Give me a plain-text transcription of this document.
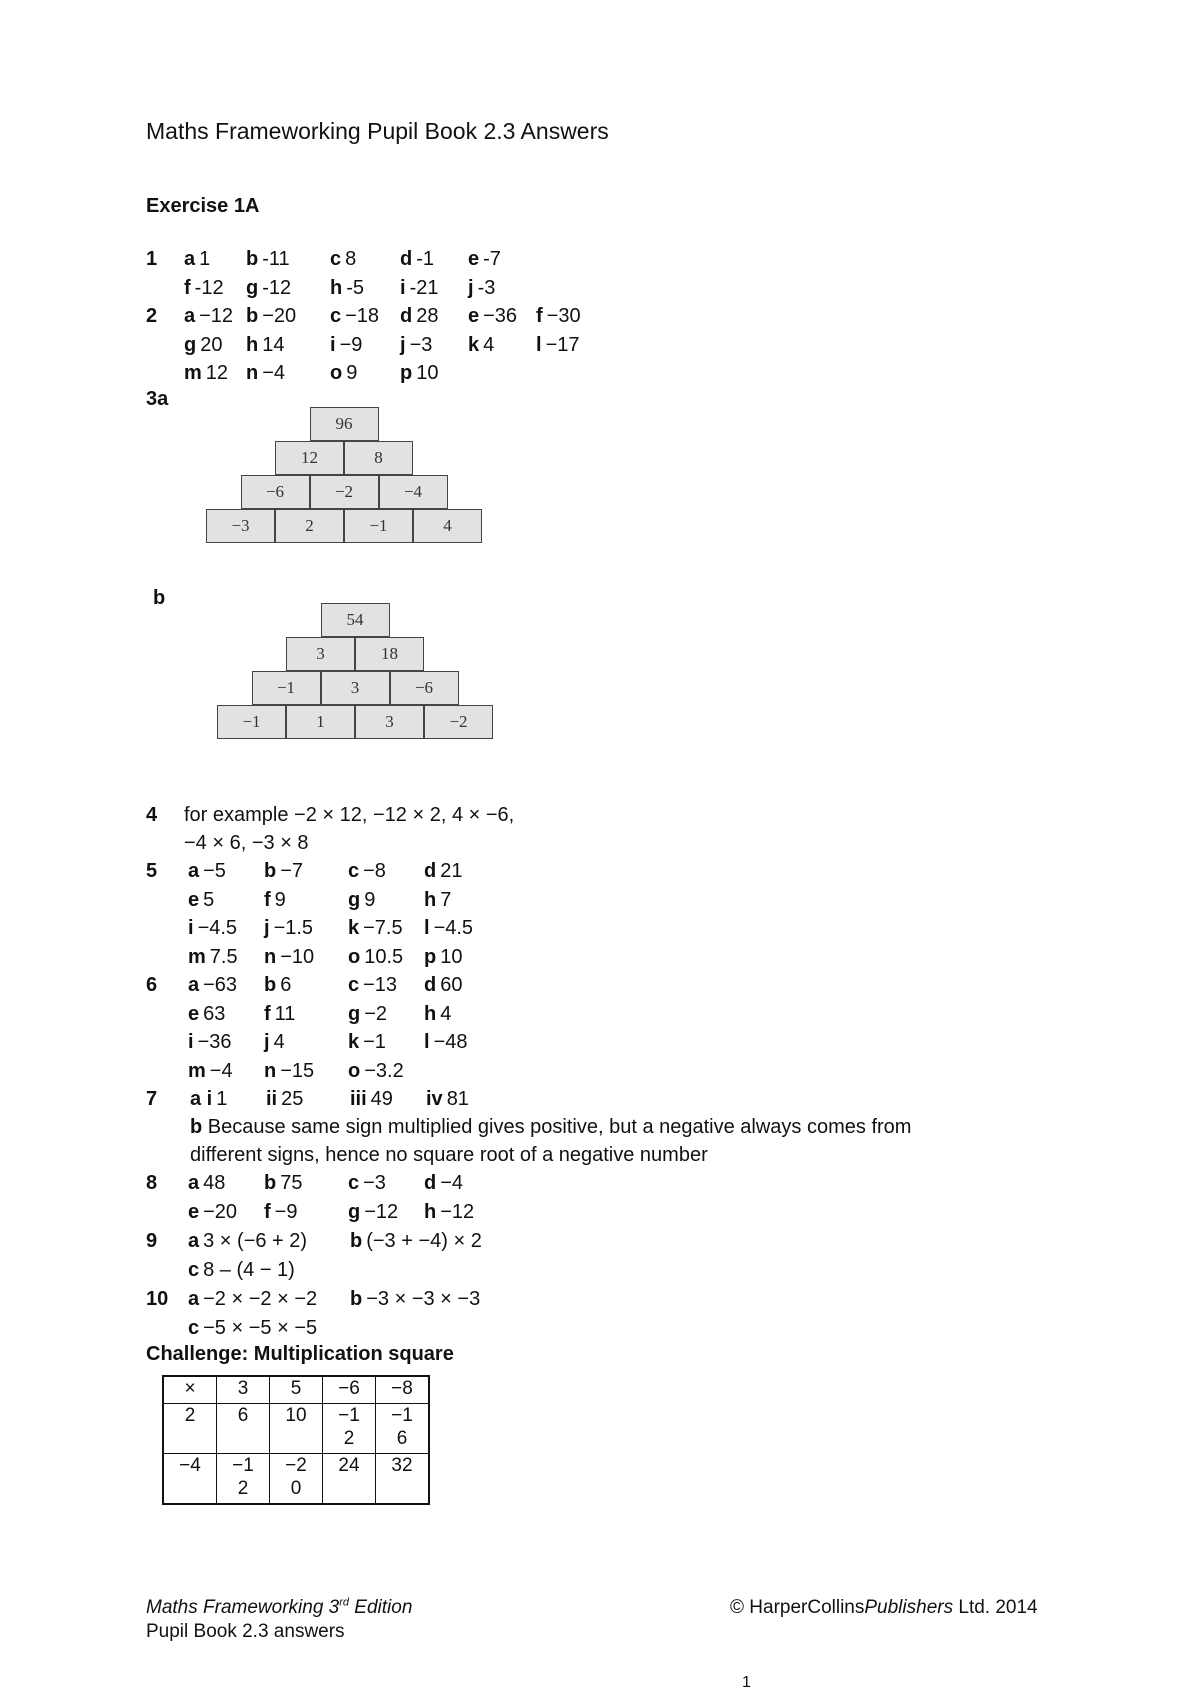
Maths Frameworking Pupil Book 2.3 Answers
Exercise 1A
1 a 1 b -11 c 8 d -1 e -7
f -12 g -12 h -5 i -21 j -3
2 a −12 b −20 c −18 d 28 e −36 f −30
g 20 h 14 i −9 j −3 k 4 l −17
m 12 n −4 o 9 p 10
3a
96
12	8
−6	−2	−4
−3	2	−1	4
b
54
3	18
−1	3	−6
−1	1	3	−2
4 for example −2 × 12, −12 × 2, 4 × −6,
−4 × 6, −3 × 8
5 a −5 b −7 c −8 d 21
e 5 f 9	g 9 h 7
i −4.5 j −1.5 k −7.5 l −4.5
m 7.5 n −10 o 10.5 p 10
6 a −63 b 6	c −13 d 60
e 63 f 11	g −2 h 4
i −36 j 4	k −1 l −48
m −4 n −15 o −3.2
7 a i 1 ii 25 iii 49 iv 81
b Because same sign multiplied gives positive, but a negative always comes from
different signs, hence no square root of a negative number
8 a 48 b 75 c −3 d −4
e −20 f −9	g −12 h −12
9 a 3 × (−6 + 2) b (−3 + −4) × 2
c 8 – (4 − 1)
10 a −2 × −2 × −2 b −3 × −3 × −3
c −5 × −5 × −5
Challenge: Multiplication square
×	3	5	−6	−8
2	6	10	−12	−16
−4	−12	−20	24	32
Maths Frameworking 3rd Edition
Pupil Book 2.3 answers
© HarperCollinsPublishers Ltd. 2014
1
